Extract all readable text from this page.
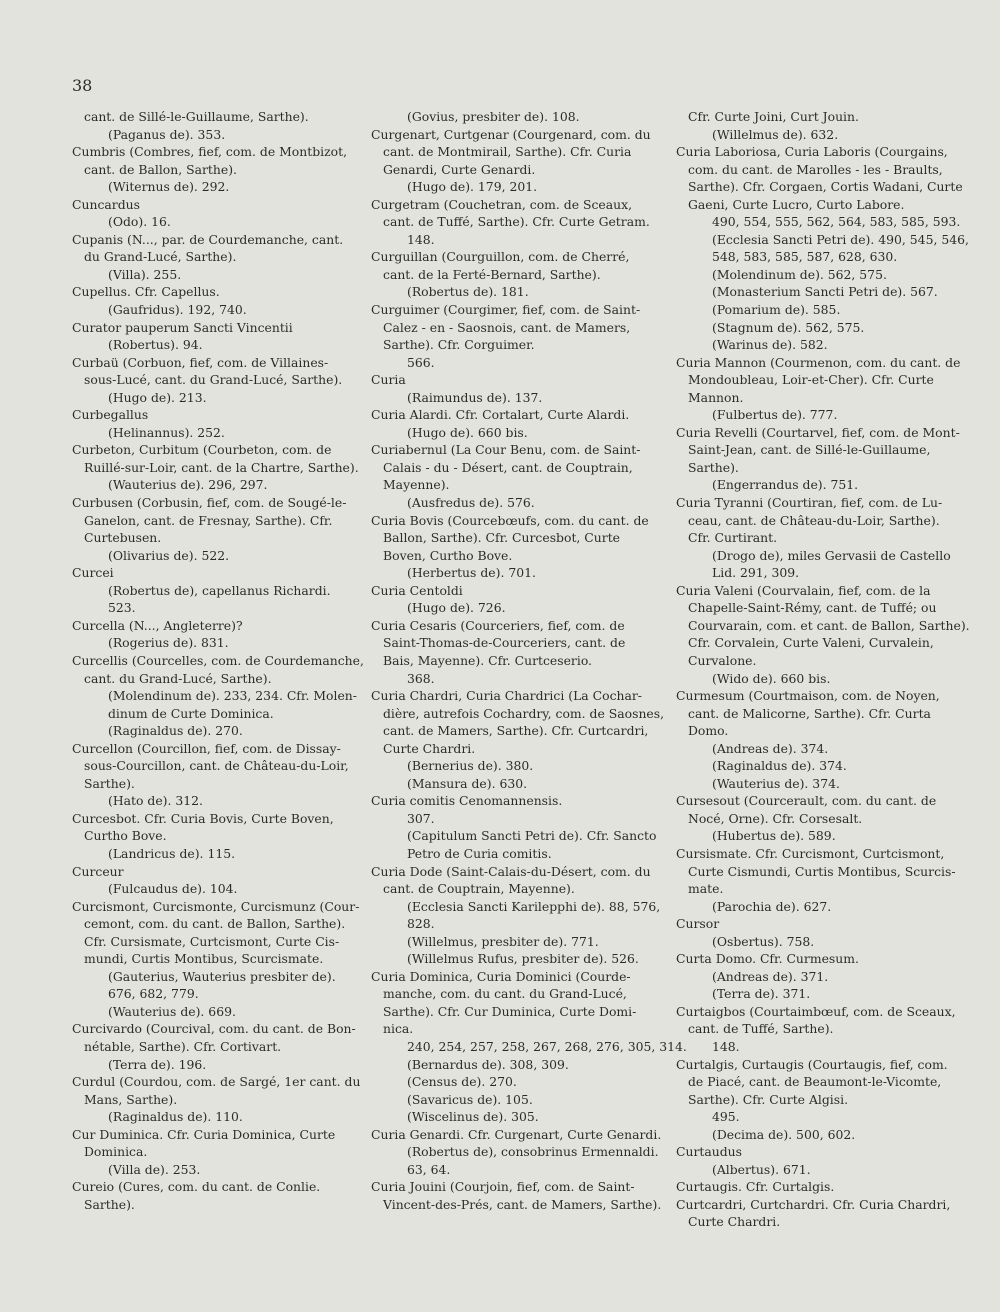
38
cant. de Sillé-le-Guillaume, Sarthe).
(Paganus de). 353.
Cumbris (Combres, fief, com. de Montbizot,
cant. de Ballon, Sarthe).
(Witernus de). 292.
Cuncardus
(Odo). 16.
Cupanis (N..., par. de Courdemanche, cant.
du Grand-Lucé, Sarthe).
(Villa). 255.
Cupellus. Cfr. Capellus.
(Gaufridus). 192, 740.
Curator pauperum Sancti Vincentii
(Robertus). 94.
Curbaü (Corbuon, fief, com. de Villaines-
sous-Lucé, cant. du Grand-Lucé, Sarthe).
(Hugo de). 213.
Curbegallus
(Helinannus). 252.
Curbeton, Curbitum (Courbeton, com. de
Ruillé-sur-Loir, cant. de la Chartre, Sarthe).
(Wauterius de). 296, 297.
Curbusen (Corbusin, fief, com. de Sougé-le-
Ganelon, cant. de Fresnay, Sarthe). Cfr.
Curtebusen.
(Olivarius de). 522.
Curcei
(Robertus de), capellanus Richardi.
523.
Curcella (N..., Angleterre)?
(Rogerius de). 831.
Curcellis (Courcelles, com. de Courdemanche,
cant. du Grand-Lucé, Sarthe).
(Molendinum de). 233, 234. Cfr. Molen-
dinum de Curte Dominica.
(Raginaldus de). 270.
Curcellon (Courcillon, fief, com. de Dissay-
sous-Courcillon, cant. de Château-du-Loir,
Sarthe).
(Hato de). 312.
Curcesbot. Cfr. Curia Bovis, Curte Boven,
Curtho Bove.
(Landricus de). 115.
Curceur
(Fulcaudus de). 104.
Curcismont, Curcismonte, Curcismunz (Cour-
cemont, com. du cant. de Ballon, Sarthe).
Cfr. Cursismate, Curtcismont, Curte Cis-
mundi, Curtis Montibus, Scurcismate.
(Gauterius, Wauterius presbiter de).
676, 682, 779.
(Wauterius de). 669.
Curcivardo (Courcival, com. du cant. de Bon-
nétable, Sarthe). Cfr. Cortivart.
(Terra de). 196.
Curdul (Courdou, com. de Sargé, 1er cant. du
Mans, Sarthe).
(Raginaldus de). 110.
Cur Duminica. Cfr. Curia Dominica, Curte
Dominica.
(Villa de). 253.
Cureio (Cures, com. du cant. de Conlie.
Sarthe).
(Govius, presbiter de). 108.
Curgenart, Curtgenar (Courgenard, com. du
cant. de Montmirail, Sarthe). Cfr. Curia
Genardi, Curte Genardi.
(Hugo de). 179, 201.
Curgetram (Couchetran, com. de Sceaux,
cant. de Tuffé, Sarthe). Cfr. Curte Getram.
148.
Curguillan (Courguillon, com. de Cherré,
cant. de la Ferté-Bernard, Sarthe).
(Robertus de). 181.
Curguimer (Courgimer, fief, com. de Saint-
Calez - en - Saosnois, cant. de Mamers,
Sarthe). Cfr. Corguimer.
566.
Curia
(Raimundus de). 137.
Curia Alardi. Cfr. Cortalart, Curte Alardi.
(Hugo de). 660 bis.
Curiabernul (La Cour Benu, com. de Saint-
Calais - du - Désert, cant. de Couptrain,
Mayenne).
(Ausfredus de). 576.
Curia Bovis (Courcebœufs, com. du cant. de
Ballon, Sarthe). Cfr. Curcesbot, Curte
Boven, Curtho Bove.
(Herbertus de). 701.
Curia Centoldi
(Hugo de). 726.
Curia Cesaris (Courceriers, fief, com. de
Saint-Thomas-de-Courceriers, cant. de
Bais, Mayenne). Cfr. Curtceserio.
368.
Curia Chardri, Curia Chardrici (La Cochar-
dière, autrefois Cochardry, com. de Saosnes,
cant. de Mamers, Sarthe). Cfr. Curtcardri,
Curte Chardri.
(Bernerius de). 380.
(Mansura de). 630.
Curia comitis Cenomannensis.
307.
(Capitulum Sancti Petri de). Cfr. Sancto
Petro de Curia comitis.
Curia Dode (Saint-Calais-du-Désert, com. du
cant. de Couptrain, Mayenne).
(Ecclesia Sancti Karilepphi de). 88, 576,
828.
(Willelmus, presbiter de). 771.
(Willelmus Rufus, presbiter de). 526.
Curia Dominica, Curia Dominici (Courde-
manche, com. du cant. du Grand-Lucé,
Sarthe). Cfr. Cur Duminica, Curte Domi-
nica.
240, 254, 257, 258, 267, 268, 276, 305, 314.
(Bernardus de). 308, 309.
(Census de). 270.
(Savaricus de). 105.
(Wiscelinus de). 305.
Curia Genardi. Cfr. Curgenart, Curte Genardi.
(Robertus de), consobrinus Ermennaldi.
63, 64.
Curia Jouini (Courjoin, fief, com. de Saint-
Vincent-des-Prés, cant. de Mamers, Sarthe).
Cfr. Curte Joini, Curt Jouin.
(Willelmus de). 632.
Curia Laboriosa, Curia Laboris (Courgains,
com. du cant. de Marolles - les - Braults,
Sarthe). Cfr. Corgaen, Cortis Wadani, Curte
Gaeni, Curte Lucro, Curto Labore.
490, 554, 555, 562, 564, 583, 585, 593.
(Ecclesia Sancti Petri de). 490, 545, 546,
548, 583, 585, 587, 628, 630.
(Molendinum de). 562, 575.
(Monasterium Sancti Petri de). 567.
(Pomarium de). 585.
(Stagnum de). 562, 575.
(Warinus de). 582.
Curia Mannon (Courmenon, com. du cant. de
Mondoubleau, Loir-et-Cher). Cfr. Curte
Mannon.
(Fulbertus de). 777.
Curia Revelli (Courtarvel, fief, com. de Mont-
Saint-Jean, cant. de Sillé-le-Guillaume,
Sarthe).
(Engerrandus de). 751.
Curia Tyranni (Courtiran, fief, com. de Lu-
ceau, cant. de Château-du-Loir, Sarthe).
Cfr. Curtirant.
(Drogo de), miles Gervasii de Castello
Lid. 291, 309.
Curia Valeni (Courvalain, fief, com. de la
Chapelle-Saint-Rémy, cant. de Tuffé; ou
Courvarain, com. et cant. de Ballon, Sarthe).
Cfr. Corvalein, Curte Valeni, Curvalein,
Curvalone.
(Wido de). 660 bis.
Curmesum (Courtmaison, com. de Noyen,
cant. de Malicorne, Sarthe). Cfr. Curta
Domo.
(Andreas de). 374.
(Raginaldus de). 374.
(Wauterius de). 374.
Cursesout (Courcerault, com. du cant. de
Nocé, Orne). Cfr. Corsesalt.
(Hubertus de). 589.
Cursismate. Cfr. Curcismont, Curtcismont,
Curte Cismundi, Curtis Montibus, Scurcis-
mate.
(Parochia de). 627.
Cursor
(Osbertus). 758.
Curta Domo. Cfr. Curmesum.
(Andreas de). 371.
(Terra de). 371.
Curtaigbos (Courtaimbœuf, com. de Sceaux,
cant. de Tuffé, Sarthe).
148.
Curtalgis, Curtaugis (Courtaugis, fief, com.
de Piacé, cant. de Beaumont-le-Vicomte,
Sarthe). Cfr. Curte Algisi.
495.
(Decima de). 500, 602.
Curtaudus
(Albertus). 671.
Curtaugis. Cfr. Curtalgis.
Curtcardri, Curtchardri. Cfr. Curia Chardri,
Curte Chardri.
